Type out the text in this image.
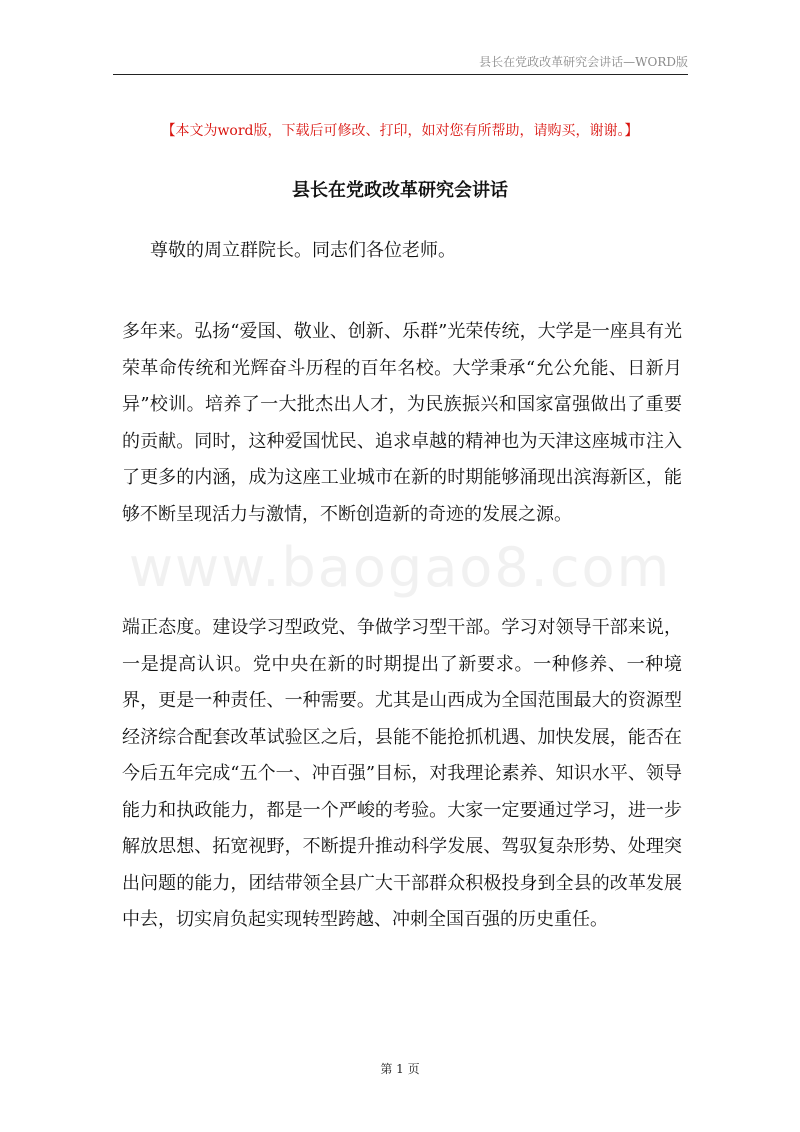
县长在党政改革研究会讲话—WORD版
【本文为word版，下载后可修改、打印，如对您有所帮助，请购买，谢谢。】
县长在党政改革研究会讲话
尊敬的周立群院长。同志们各位老师。
www.baogao8.com
多年来。弘扬“爱国、敬业、创新、乐群”光荣传统，大学是一座具有光荣革命传统和光辉奋斗历程的百年名校。大学秉承“允公允能、日新月异”校训。培养了一大批杰出人才，为民族振兴和国家富强做出了重要的贡献。同时，这种爱国忧民、追求卓越的精神也为天津这座城市注入了更多的内涵，成为这座工业城市在新的时期能够涌现出滨海新区，能够不断呈现活力与激情，不断创造新的奇迹的发展之源。
端正态度。建设学习型政党、争做学习型干部。学习对领导干部来说，一是提高认识。党中央在新的时期提出了新要求。一种修养、一种境界，更是一种责任、一种需要。尤其是山西成为全国范围最大的资源型经济综合配套改革试验区之后，县能不能抢抓机遇、加快发展，能否在今后五年完成“五个一、冲百强”目标，对我理论素养、知识水平、领导能力和执政能力，都是一个严峻的考验。大家一定要通过学习，进一步解放思想、拓宽视野，不断提升推动科学发展、驾驭复杂形势、处理突出问题的能力，团结带领全县广大干部群众积极投身到全县的改革发展中去，切实肩负起实现转型跨越、冲刺全国百强的历史重任。
第 1 页
